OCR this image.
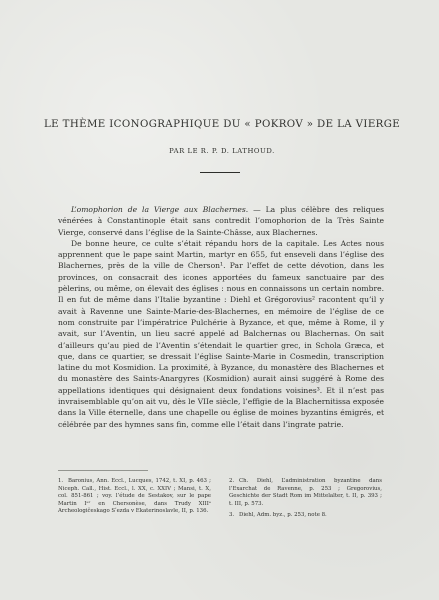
LE THÈME ICONOGRAPHIQUE DU « POKROV » DE LA VIERGE
PAR LE R. P. D. LATHOUD.

L’omophorion de la Vierge aux Blachernes. — La plus célèbre des reliques vénérées à Constantinople était sans contredit l’omophorion de la Très Sainte Vierge, conservé dans l’église de la Sainte-Châsse, aux Blachernes.

De bonne heure, ce culte s’était répandu hors de la capitale. Les Actes nous apprennent que le pape saint Martin, martyr en 655, fut enseveli dans l’église des Blachernes, près de la ville de Cherson¹. Par l’effet de cette dévotion, dans les provinces, on consacrait des icones apportées du fameux sanctuaire par des pèlerins, ou même, on élevait des églises : nous en connaissons un certain nombre. Il en fut de même dans l’Italie byzantine : Diehl et Grégorovius² racontent qu’il y avait à Ravenne une Sainte-Marie-des-Blachernes, en mémoire de l’église de ce nom construite par l’impératrice Pulchérie à Byzance, et que, même à Rome, il y avait, sur l’Aventin, un lieu sacré appelé ad Balchernas ou Blachernas. On sait d’ailleurs qu’au pied de l’Aventin s’étendait le quartier grec, in Schola Græca, et que, dans ce quartier, se dressait l’église Sainte-Marie in Cosmedin, transcription latine du mot Kosmidion. La proximité, à Byzance, du monastère des Blachernes et du monastère des Saints-Anargyres (Kosmidion) aurait ainsi suggéré à Rome des appellations identiques qui désignaient deux fondations voisines³. Et il n’est pas invraisemblable qu’on ait vu, dès le VIIe siècle, l’effigie de la Blachernitissa exposée dans la Ville éternelle, dans une chapelle ou église de moines byzantins émigrés, et célébrée par des hymnes sans fin, comme elle l’était dans l’ingrate patrie.

1. Baronius, Ann. Eccl., Lucques, 1742, t. XI, p. 463 ; Niceph. Call., Hist. Eccl., l. XX, c. XXIV ; Mansi, t. X, col. 851-861 ; voy. l’étude de Sestakov, sur le pape Martin Iᵉʳ en Chersonèse, dans Trudy XIIIᵉ Archeologičeskago Sʹezda v Ekaterinoslavle, II, p. 136.
2. Ch. Diehl, L’administration byzantine dans l’Exarchat de Ravenne, p. 253 ; Gregorovius, Geschichte der Stadt Rom im Mittelalter, t. II, p. 393 ; t. III, p. 573.
3. Diehl, Adm. byz., p. 253, note 8.
